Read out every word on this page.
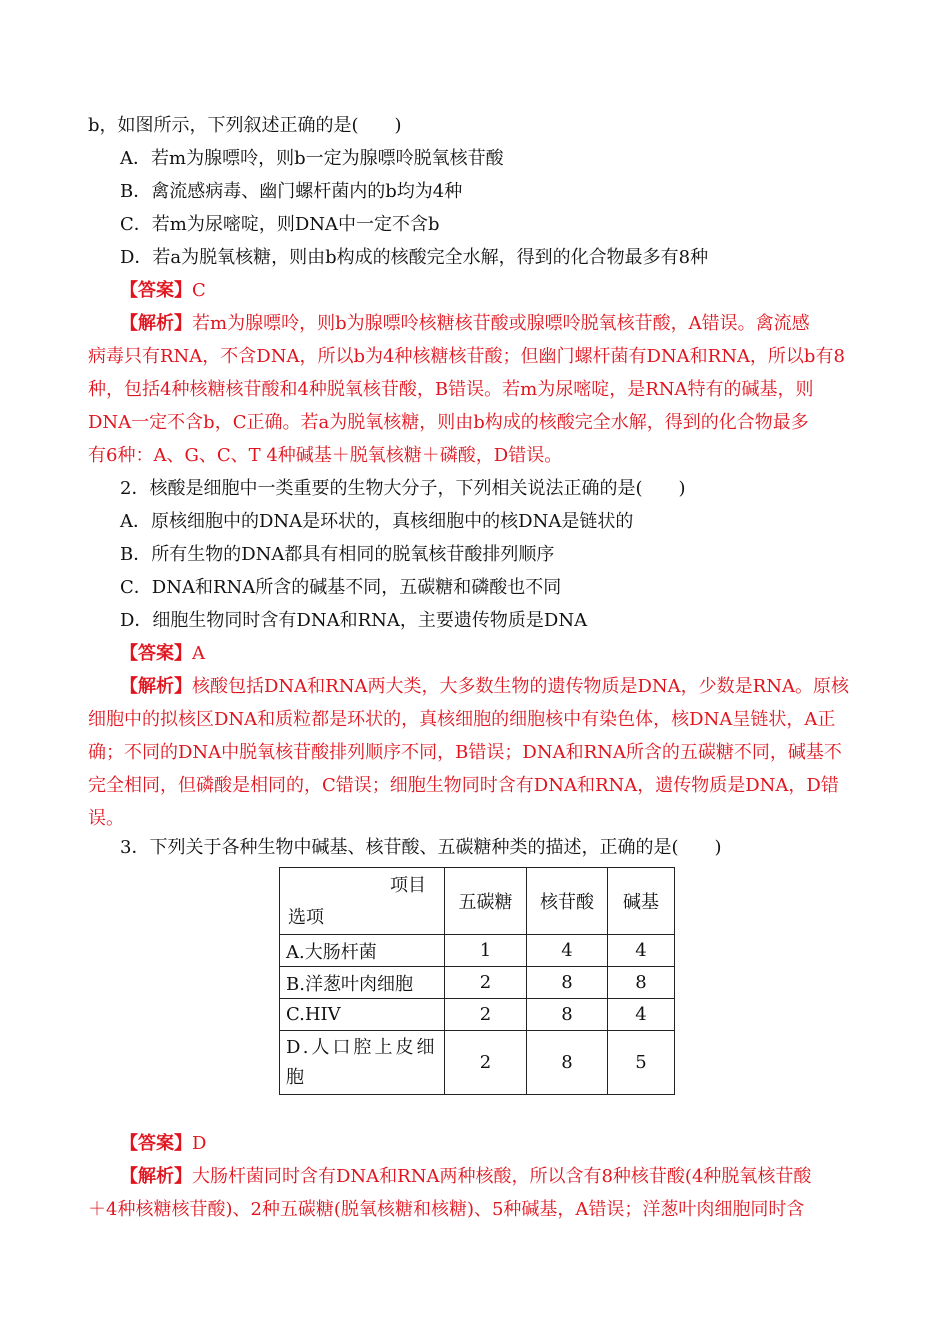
b，如图所示，下列叙述正确的是(　　)
A．若m为腺嘌呤，则b一定为腺嘌呤脱氧核苷酸
B．禽流感病毒、幽门螺杆菌内的b均为4种
C．若m为尿嘧啶，则DNA中一定不含b
D．若a为脱氧核糖，则由b构成的核酸完全水解，得到的化合物最多有8种
【答案】C
【解析】若m为腺嘌呤，则b为腺嘌呤核糖核苷酸或腺嘌呤脱氧核苷酸，A错误。禽流感
病毒只有RNA，不含DNA，所以b为4种核糖核苷酸；但幽门螺杆菌有DNA和RNA，所以b有8
种，包括4种核糖核苷酸和4种脱氧核苷酸，B错误。若m为尿嘧啶，是RNA特有的碱基，则
DNA一定不含b，C正确。若a为脱氧核糖，则由b构成的核酸完全水解，得到的化合物最多
有6种：A、G、C、T 4种碱基＋脱氧核糖＋磷酸，D错误。
2．核酸是细胞中一类重要的生物大分子，下列相关说法正确的是(　　)
A．原核细胞中的DNA是环状的，真核细胞中的核DNA是链状的
B．所有生物的DNA都具有相同的脱氧核苷酸排列顺序
C．DNA和RNA所含的碱基不同，五碳糖和磷酸也不同
D．细胞生物同时含有DNA和RNA，主要遗传物质是DNA
【答案】A
【解析】核酸包括DNA和RNA两大类，大多数生物的遗传物质是DNA，少数是RNA。原核
细胞中的拟核区DNA和质粒都是环状的，真核细胞的细胞核中有染色体，核DNA呈链状，A正
确；不同的DNA中脱氧核苷酸排列顺序不同，B错误；DNA和RNA所含的五碳糖不同，碱基不
完全相同，但磷酸是相同的，C错误；细胞生物同时含有DNA和RNA，遗传物质是DNA，D错
误。
3．下列关于各种生物中碱基、核苷酸、五碳糖种类的描述，正确的是(　　)
项目
选项	五碳糖	核苷酸	碱基
A.大肠杆菌	1	4	4
B.洋葱叶肉细胞	2	8	8
C.HIV	2	8	4

D.人口腔上皮细
胞	2	8	5
【答案】D
【解析】大肠杆菌同时含有DNA和RNA两种核酸，所以含有8种核苷酸(4种脱氧核苷酸
＋4种核糖核苷酸)、2种五碳糖(脱氧核糖和核糖)、5种碱基，A错误；洋葱叶肉细胞同时含
